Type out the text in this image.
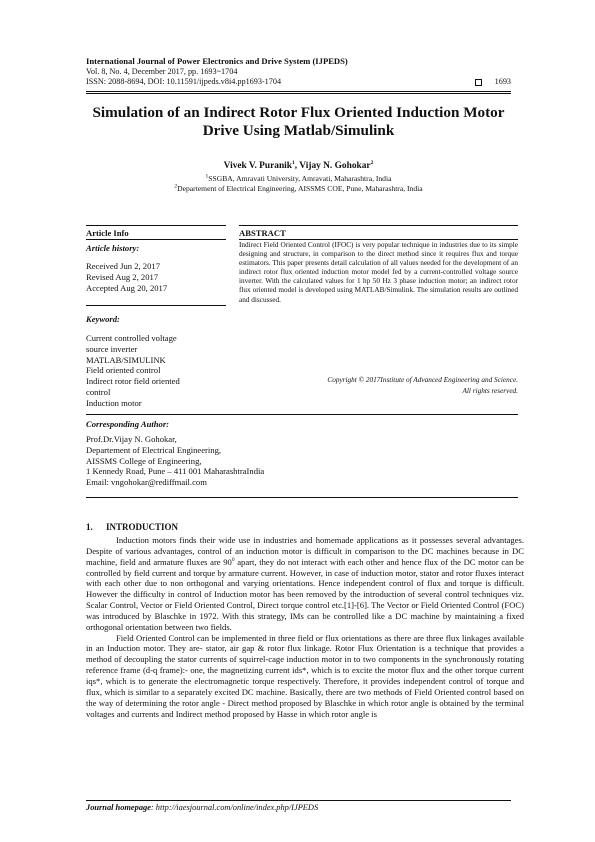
International Journal of Power Electronics and Drive System (IJPEDS)
Vol. 8, No. 4, December 2017, pp. 1693~1704
ISSN: 2088-8694, DOI: 10.11591/ijpeds.v8i4.pp1693-1704	1693
Simulation of an Indirect Rotor Flux Oriented Induction Motor
Drive Using Matlab/Simulink
Vivek V. Puranik$^1$, Vijay N. Gohokar$^2$
$^1$SSGBA, Amravati University, Amravati, Maharashtra, India
$^2$Departement of Electrical Engineering, AISSMS COE, Pune, Maharashtra, India
Article Info	ABSTRACT
Article history:
Received Jun 2, 2017
Revised Aug 2, 2017
Accepted Aug 20, 2017
Keyword:
Current controlled voltage
source inverter
MATLAB/SIMULINK
Field oriented control
Indirect rotor field oriented
control
Induction motor
Indirect Field Oriented Control (IFOC) is very popular technique in industries due to its simple designing and structure, in comparison to the direct method since it requires flux and torque estimators. This paper presents detail calculation of all values needed for the development of an indirect rotor flux oriented induction motor model fed by a current-controlled voltage source inverter. With the calculated values for 1 hp 50 Hz 3 phase induction motor; an indirect rotor flux oriented model is developed using MATLAB/Simulink. The simulation results are outlined and discussed.
Copyright © 2017Institute of Advanced Engineering and Science.
All rights reserved.
Corresponding Author:
Prof.Dr.Vijay N. Gohokar,
Departement of Electrical Engineering,
AISSMS College of Engineering,
1 Kennedy Road, Pune – 411 001 MaharashtraIndia
Email: vngohokar@rediffmail.com
1. INTRODUCTION

Induction motors finds their wide use in industries and homemade applications as it possesses several advantages. Despite of various advantages, control of an induction motor is difficult in comparison to the DC machines because in DC machine, field and armature fluxes are $90^0$ apart, they do not interact with each other and hence flux of the DC motor can be controlled by field current and torque by armature current. However, in case of induction motor, stator and rotor fluxes interact with each other due to non orthogonal and varying orientations. Hence independent control of flux and torque is difficult. However the difficulty in control of Induction motor has been removed by the introduction of several control techniques viz. Scalar Control, Vector or Field Oriented Control, Direct torque control etc.[1]-[6]. The Vector or Field Oriented Control (FOC) was introduced by Blaschke in 1972. With this strategy, IMs can be controlled like a DC machine by maintaining a fixed orthogonal orientation between two fields.

Field Oriented Control can be implemented in three field or flux orientations as there are three flux linkages available in an Induction motor. They are- stator, air gap & rotor flux linkage. Rotor Flux Orientation is a technique that provides a method of decoupling the stator currents of squirrel-cage induction motor in to two components in the synchronously rotating reference frame (d-q frame):- one, the magnetizing current ids*, which is to excite the motor flux and the other torque current iqs*, which is to generate the electromagnetic torque respectively. Therefore, it provides independent control of torque and flux, which is similar to a separately excited DC machine. Basically, there are two methods of Field Oriented control based on the way of determining the rotor angle - Direct method proposed by Blaschke in which rotor angle is obtained by the terminal voltages and currents and Indirect method proposed by Hasse in which rotor angle is

Journal homepage: http://iaesjournal.com/online/index.php/IJPEDS
